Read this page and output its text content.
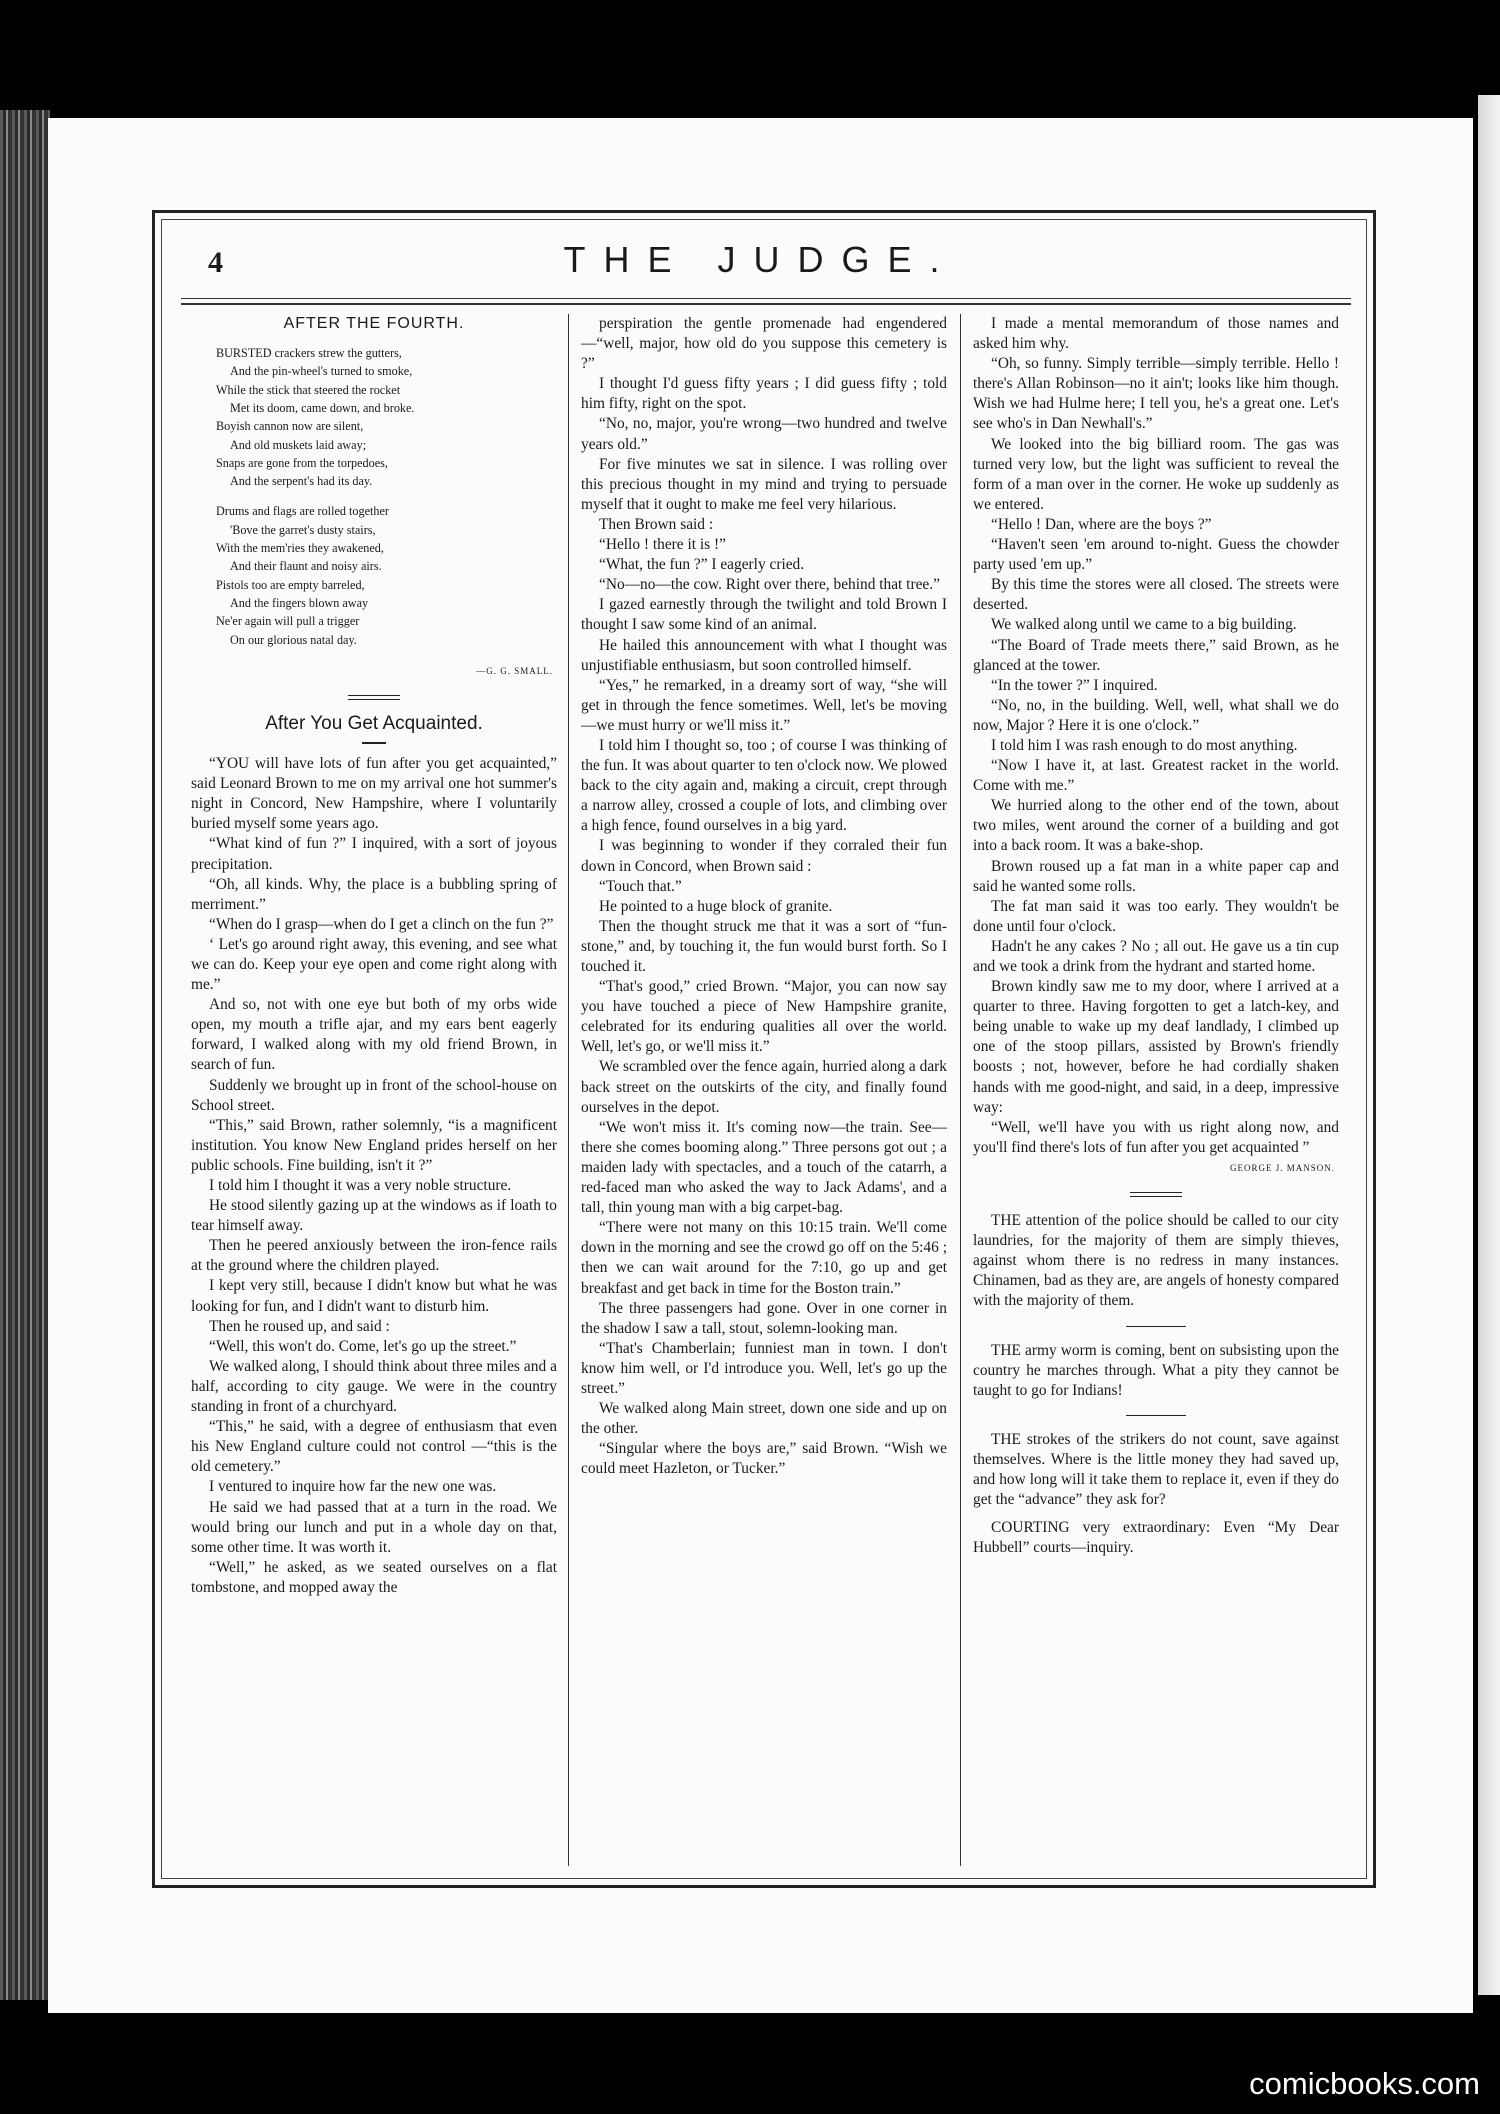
4	THE JUDGE.
AFTER THE FOURTH.
BURSTED crackers strew the gutters,
And the pin-wheel's turned to smoke,
While the stick that steered the rocket
Met its doom, came down, and broke.
Boyish cannon now are silent,
And old muskets laid away;
Snaps are gone from the torpedoes,
And the serpent's had its day.
Drums and flags are rolled together
'Bove the garret's dusty stairs,
With the mem'ries they awakened,
And their flaunt and noisy airs.
Pistols too are empty barreled,
And the fingers blown away
Ne'er again will pull a trigger
On our glorious natal day.
—G. G. SMALL.
After You Get Acquainted.

“YOU will have lots of fun after you get acquainted,” said Leonard Brown to me on my arrival one hot summer's night in Concord, New Hampshire, where I voluntarily buried myself some years ago.

“What kind of fun ?” I inquired, with a sort of joyous precipitation.

“Oh, all kinds. Why, the place is a bubbling spring of merriment.”

“When do I grasp—when do I get a clinch on the fun ?”

‘ Let's go around right away, this evening, and see what we can do. Keep your eye open and come right along with me.”

And so, not with one eye but both of my orbs wide open, my mouth a trifle ajar, and my ears bent eagerly forward, I walked along with my old friend Brown, in search of fun.

Suddenly we brought up in front of the school-house on School street.

“This,” said Brown, rather solemnly, “is a magnificent institution. You know New England prides herself on her public schools. Fine building, isn't it ?”

I told him I thought it was a very noble structure.

He stood silently gazing up at the windows as if loath to tear himself away.

Then he peered anxiously between the iron-fence rails at the ground where the children played.

I kept very still, because I didn't know but what he was looking for fun, and I didn't want to disturb him.

Then he roused up, and said :

“Well, this won't do. Come, let's go up the street.”

We walked along, I should think about three miles and a half, according to city gauge. We were in the country standing in front of a churchyard.

“This,” he said, with a degree of enthusiasm that even his New England culture could not control —“this is the old cemetery.”

I ventured to inquire how far the new one was.

He said we had passed that at a turn in the road. We would bring our lunch and put in a whole day on that, some other time. It was worth it.

“Well,” he asked, as we seated ourselves on a flat tombstone, and mopped away the

perspiration the gentle promenade had engendered—“well, major, how old do you suppose this cemetery is ?”

I thought I'd guess fifty years ; I did guess fifty ; told him fifty, right on the spot.

“No, no, major, you're wrong—two hundred and twelve years old.”

For five minutes we sat in silence. I was rolling over this precious thought in my mind and trying to persuade myself that it ought to make me feel very hilarious.

Then Brown said :

“Hello ! there it is !”

“What, the fun ?” I eagerly cried.

“No—no—the cow. Right over there, behind that tree.”

I gazed earnestly through the twilight and told Brown I thought I saw some kind of an animal.

He hailed this announcement with what I thought was unjustifiable enthusiasm, but soon controlled himself.

“Yes,” he remarked, in a dreamy sort of way, “she will get in through the fence sometimes. Well, let's be moving—we must hurry or we'll miss it.”

I told him I thought so, too ; of course I was thinking of the fun. It was about quarter to ten o'clock now. We plowed back to the city again and, making a circuit, crept through a narrow alley, crossed a couple of lots, and climbing over a high fence, found ourselves in a big yard.

I was beginning to wonder if they corraled their fun down in Concord, when Brown said :

“Touch that.”

He pointed to a huge block of granite.

Then the thought struck me that it was a sort of “fun-stone,” and, by touching it, the fun would burst forth. So I touched it.

“That's good,” cried Brown. “Major, you can now say you have touched a piece of New Hampshire granite, celebrated for its enduring qualities all over the world. Well, let's go, or we'll miss it.”

We scrambled over the fence again, hurried along a dark back street on the outskirts of the city, and finally found ourselves in the depot.

“We won't miss it. It's coming now—the train. See—there she comes booming along.” Three persons got out ; a maiden lady with spectacles, and a touch of the catarrh, a red-faced man who asked the way to Jack Adams', and a tall, thin young man with a big carpet-bag.

“There were not many on this 10:15 train. We'll come down in the morning and see the crowd go off on the 5:46 ; then we can wait around for the 7:10, go up and get breakfast and get back in time for the Boston train.”

The three passengers had gone. Over in one corner in the shadow I saw a tall, stout, solemn-looking man.

“That's Chamberlain; funniest man in town. I don't know him well, or I'd introduce you. Well, let's go up the street.”

We walked along Main street, down one side and up on the other.

“Singular where the boys are,” said Brown. “Wish we could meet Hazleton, or Tucker.”

I made a mental memorandum of those names and asked him why.

“Oh, so funny. Simply terrible—simply terrible. Hello ! there's Allan Robinson—no it ain't; looks like him though. Wish we had Hulme here; I tell you, he's a great one. Let's see who's in Dan Newhall's.”

We looked into the big billiard room. The gas was turned very low, but the light was sufficient to reveal the form of a man over in the corner. He woke up suddenly as we entered.

“Hello ! Dan, where are the boys ?”

“Haven't seen 'em around to-night. Guess the chowder party used 'em up.”

By this time the stores were all closed. The streets were deserted.

We walked along until we came to a big building.

“The Board of Trade meets there,” said Brown, as he glanced at the tower.

“In the tower ?” I inquired.

“No, no, in the building. Well, well, what shall we do now, Major ? Here it is one o'clock.”

I told him I was rash enough to do most anything.

“Now I have it, at last. Greatest racket in the world. Come with me.”

We hurried along to the other end of the town, about two miles, went around the corner of a building and got into a back room. It was a bake-shop.

Brown roused up a fat man in a white paper cap and said he wanted some rolls.

The fat man said it was too early. They wouldn't be done until four o'clock.

Hadn't he any cakes ? No ; all out. He gave us a tin cup and we took a drink from the hydrant and started home.

Brown kindly saw me to my door, where I arrived at a quarter to three. Having forgotten to get a latch-key, and being unable to wake up my deaf landlady, I climbed up one of the stoop pillars, assisted by Brown's friendly boosts ; not, however, before he had cordially shaken hands with me good-night, and said, in a deep, impressive way:

“Well, we'll have you with us right along now, and you'll find there's lots of fun after you get acquainted ”

GEORGE J. MANSON.

THE attention of the police should be called to our city laundries, for the majority of them are simply thieves, against whom there is no redress in many instances. Chinamen, bad as they are, are angels of honesty compared with the majority of them.

THE army worm is coming, bent on subsisting upon the country he marches through. What a pity they cannot be taught to go for Indians!

THE strokes of the strikers do not count, save against themselves. Where is the little money they had saved up, and how long will it take them to replace it, even if they do get the “advance” they ask for?

COURTING very extraordinary: Even “My Dear Hubbell” courts—inquiry.

comicbooks.com
